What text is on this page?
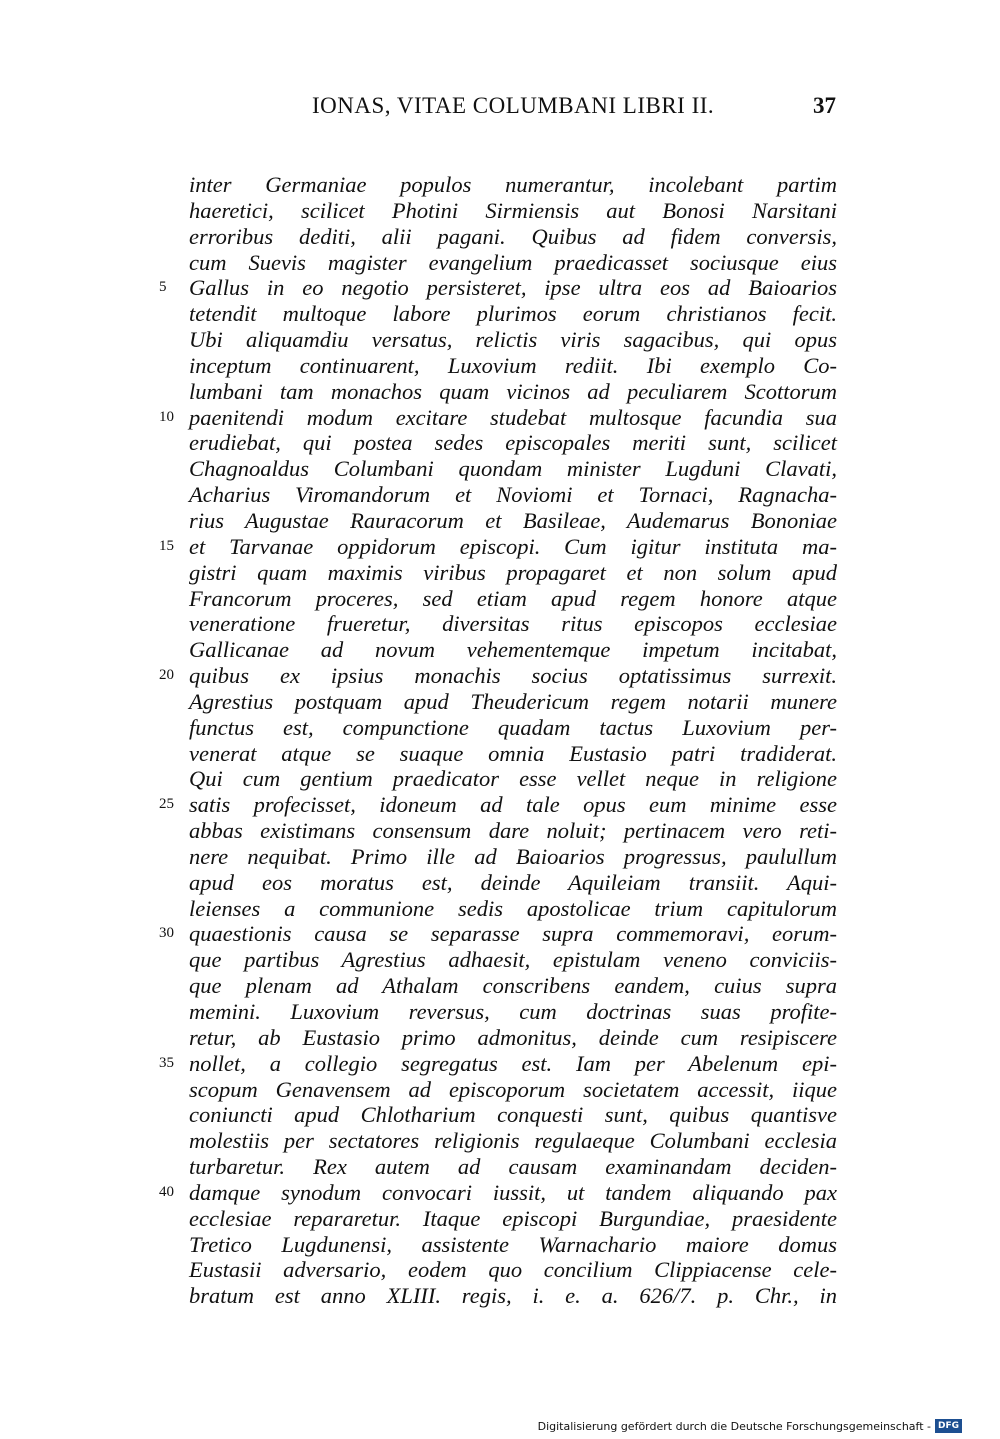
IONAS, VITAE COLUMBANI LIBRI II.	37
inter Germaniae populos numerantur, incolebant partim
haeretici, scilicet Photini Sirmiensis aut Bonosi Narsitani
erroribus dediti, alii pagani. Quibus ad fidem conversis,
cum Suevis magister evangelium praedicasset sociusque eius
5	Gallus in eo negotio persisteret, ipse ultra eos ad Baioarios
tetendit multoque labore plurimos eorum christianos fecit.
Ubi aliquamdiu versatus, relictis viris sagacibus, qui opus
inceptum continuarent, Luxovium rediit. Ibi exemplo Co-
lumbani tam monachos quam vicinos ad peculiarem Scottorum
10 paenitendi modum excitare studebat multosque facundia sua
erudiebat, qui postea sedes episcopales meriti sunt, scilicet
Chagnoaldus Columbani quondam minister Lugduni Clavati,
Acharius Viromandorum et Noviomi et Tornaci, Ragnacha-
rius Augustae Rauracorum et Basileae, Audemarus Bononiae
15 et Tarvanae oppidorum episcopi. Cum igitur instituta ma-
gistri quam maximis viribus propagaret et non solum apud
Francorum proceres, sed etiam apud regem honore atque
veneratione frueretur, diversitas ritus episcopos ecclesiae
Gallicanae ad novum vehementemque impetum incitabat,
20 quibus ex ipsius monachis socius optatissimus surrexit.
Agrestius postquam apud Theudericum regem notarii munere
functus est, compunctione quadam tactus Luxovium per-
venerat atque se suaque omnia Eustasio patri tradiderat.
Qui cum gentium praedicator esse vellet neque in religione
25 satis profecisset, idoneum ad tale opus eum minime esse
abbas existimans consensum dare noluit; pertinacem vero reti-
nere nequibat. Primo ille ad Baioarios progressus, paulullum
apud eos moratus est, deinde Aquileiam transiit. Aqui-
leienses a communione sedis apostolicae trium capitulorum
30 quaestionis causa se separasse supra commemoravi, eorum-
que partibus Agrestius adhaesit, epistulam veneno conviciis-
que plenam ad Athalam conscribens eandem, cuius supra
memini. Luxovium reversus, cum doctrinas suas profite-
retur, ab Eustasio primo admonitus, deinde cum resipiscere
35 nollet, a collegio segregatus est. Iam per Abelenum epi-
scopum Genavensem ad episcoporum societatem accessit, iique
coniuncti apud Chlotharium conquesti sunt, quibus quantisve
molestiis per sectatores religionis regulaeque Columbani ecclesia
turbaretur. Rex autem ad causam examinandam deciden-
40 damque synodum convocari iussit, ut tandem aliquando pax
ecclesiae repararetur. Itaque episcopi Burgundiae, praesidente
Tretico Lugdunensi, assistente Warnachario maiore domus
Eustasii adversario, eodem quo concilium Clippiacense cele-
bratum est anno XLIII. regis, i. e. a. 626/7. p. Chr., in
Digitalisierung gefördert durch die Deutsche Forschungsgemeinschaft - DFG
